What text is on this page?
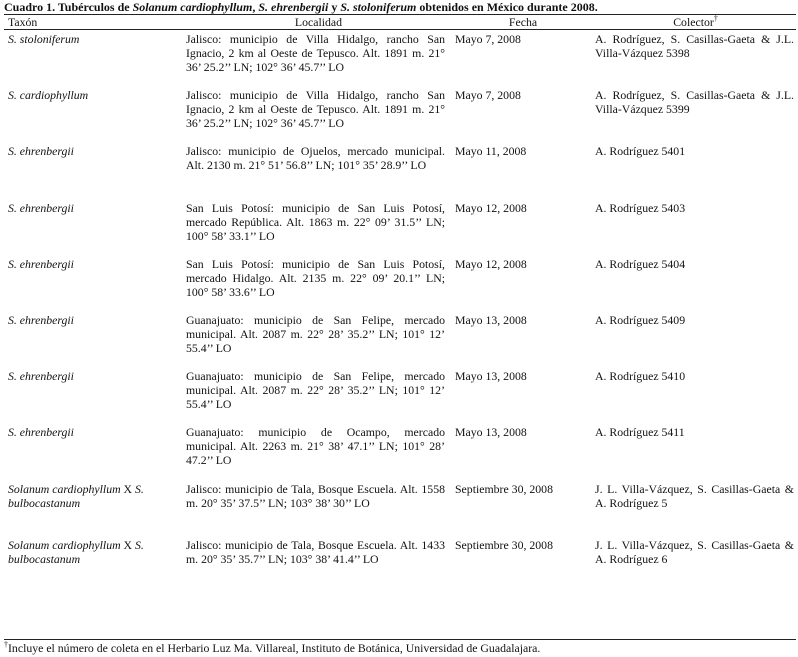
Cuadro 1. Tubérculos de Solanum cardiophyllum, S. ehrenbergii y S. stoloniferum obtenidos en México durante 2008.
Taxón	Localidad	Fecha	Colector†
S. stoloniferum	Jalisco: municipio de Villa Hidalgo, rancho San Ignacio, 2 km al Oeste de Tepusco. Alt. 1891 m. 21° 36’ 25.2’’ LN; 102° 36’ 45.7’’ LO	Mayo 7, 2008	A. Rodríguez, S. Casillas-Gaeta & J.L. Villa-Vázquez 5398
S. cardiophyllum	Jalisco: municipio de Villa Hidalgo, rancho San Ignacio, 2 km al Oeste de Tepusco. Alt. 1891 m. 21° 36’ 25.2’’ LN; 102° 36’ 45.7’’ LO	Mayo 7, 2008	A. Rodríguez, S. Casillas-Gaeta & J.L. Villa-Vázquez 5399
S. ehrenbergii	Jalisco: municipio de Ojuelos, mercado municipal. Alt. 2130 m. 21° 51’ 56.8’’ LN; 101° 35’ 28.9’’ LO	Mayo 11, 2008	A. Rodríguez 5401
S. ehrenbergii	San Luis Potosí: municipio de San Luis Potosí, mercado República. Alt. 1863 m. 22° 09’ 31.5’’ LN; 100° 58’ 33.1’’ LO	Mayo 12, 2008	A. Rodríguez 5403
S. ehrenbergii	San Luis Potosí: municipio de San Luis Potosí, mercado Hidalgo. Alt. 2135 m. 22° 09’ 20.1’’ LN; 100° 58’ 33.6’’ LO	Mayo 12, 2008	A. Rodríguez 5404
S. ehrenbergii	Guanajuato: municipio de San Felipe, mercado municipal. Alt. 2087 m. 22° 28’ 35.2’’ LN; 101° 12’ 55.4’’ LO	Mayo 13, 2008	A. Rodríguez 5409
S. ehrenbergii	Guanajuato: municipio de San Felipe, mercado municipal. Alt. 2087 m. 22° 28’ 35.2’’ LN; 101° 12’ 55.4’’ LO	Mayo 13, 2008	A. Rodríguez 5410
S. ehrenbergii	Guanajuato: municipio de Ocampo, mercado municipal. Alt. 2263 m. 21° 38’ 47.1’’ LN; 101° 28’ 47.2’’ LO	Mayo 13, 2008	A. Rodríguez 5411
Solanum cardiophyllum X S. bulbocastanum	Jalisco: municipio de Tala, Bosque Escuela. Alt. 1558 m. 20° 35’ 37.5’’ LN; 103° 38’ 30’’ LO	Septiembre 30, 2008	J. L. Villa-Vázquez, S. Casillas-Gaeta & A. Rodríguez 5
Solanum cardiophyllum X S. bulbocastanum	Jalisco: municipio de Tala, Bosque Escuela. Alt. 1433 m. 20° 35’ 35.7’’ LN; 103° 38’ 41.4’’ LO	Septiembre 30, 2008	J. L. Villa-Vázquez, S. Casillas-Gaeta & A. Rodríguez 6
†Incluye el número de coleta en el Herbario Luz Ma. Villareal, Instituto de Botánica, Universidad de Guadalajara.
